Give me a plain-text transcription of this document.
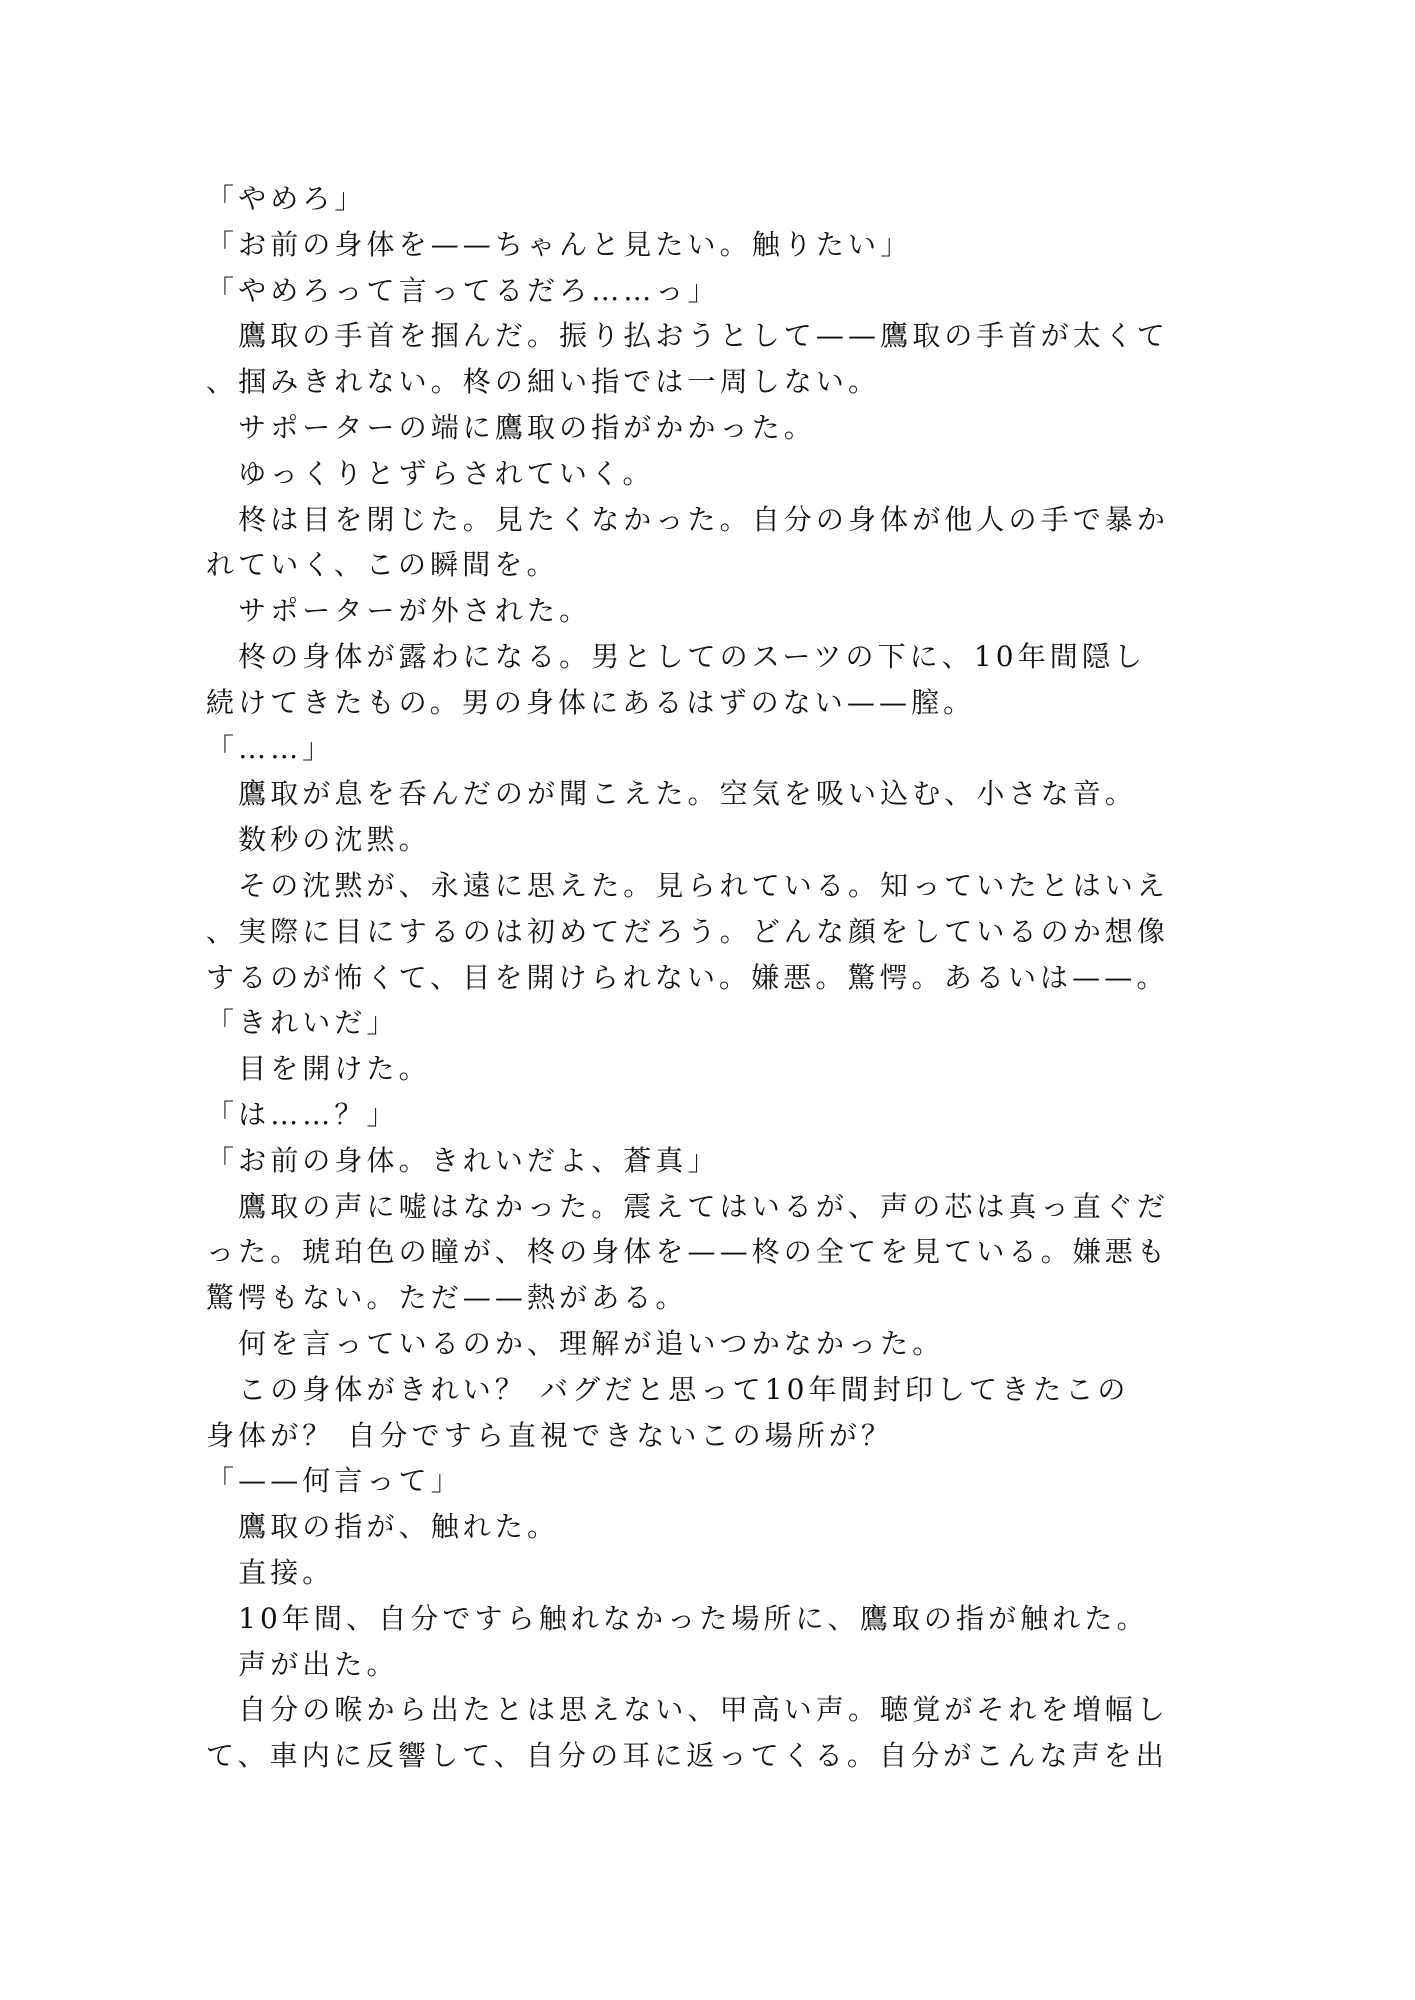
「やめろ」
「お前の身体を——ちゃんと見たい。触りたい」
「やめろって言ってるだろ……っ」
　鷹取の手首を掴んだ。振り払おうとして——鷹取の手首が太くて
、掴みきれない。柊の細い指では一周しない。
　サポーターの端に鷹取の指がかかった。
　ゆっくりとずらされていく。
　柊は目を閉じた。見たくなかった。自分の身体が他人の手で暴か
れていく、この瞬間を。
　サポーターが外された。
　柊の身体が露わになる。男としてのスーツの下に、10年間隠し
続けてきたもの。男の身体にあるはずのない——膣。
「……」
　鷹取が息を呑んだのが聞こえた。空気を吸い込む、小さな音。
　数秒の沈黙。
　その沈黙が、永遠に思えた。見られている。知っていたとはいえ
、実際に目にするのは初めてだろう。どんな顔をしているのか想像
するのが怖くて、目を開けられない。嫌悪。驚愕。あるいは——。
「きれいだ」
　目を開けた。
「は……？」
「お前の身体。きれいだよ、蒼真」
　鷹取の声に嘘はなかった。震えてはいるが、声の芯は真っ直ぐだ
った。琥珀色の瞳が、柊の身体を——柊の全てを見ている。嫌悪も
驚愕もない。ただ——熱がある。
　何を言っているのか、理解が追いつかなかった。
　この身体がきれい？ バグだと思って10年間封印してきたこの
身体が？ 自分ですら直視できないこの場所が？
「——何言って」
　鷹取の指が、触れた。
　直接。
　10年間、自分ですら触れなかった場所に、鷹取の指が触れた。
　声が出た。
　自分の喉から出たとは思えない、甲高い声。聴覚がそれを増幅し
て、車内に反響して、自分の耳に返ってくる。自分がこんな声を出
